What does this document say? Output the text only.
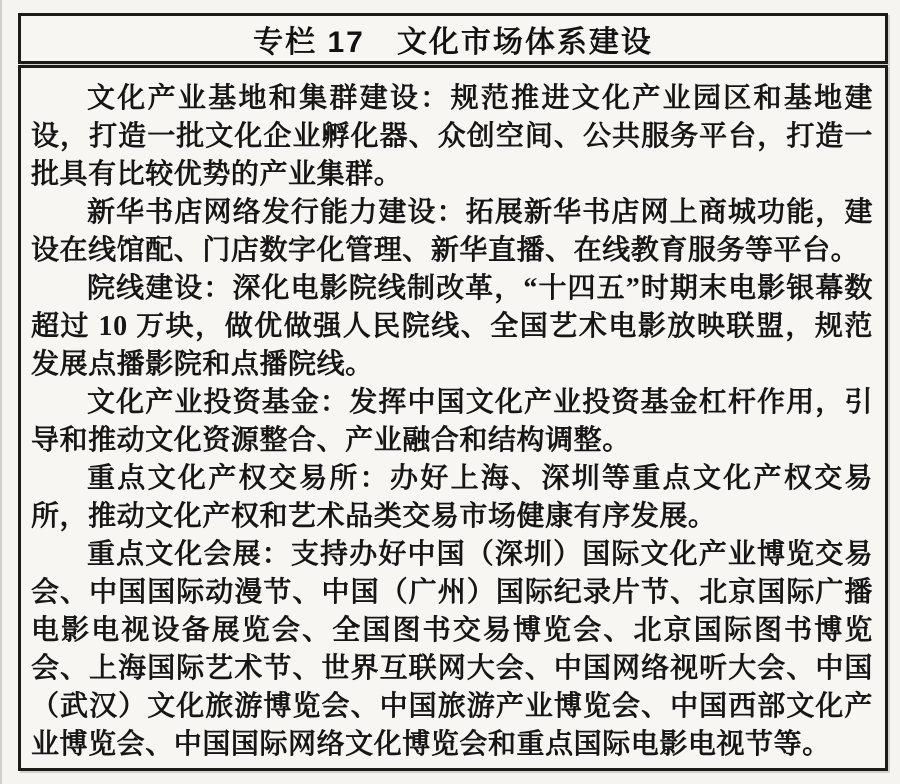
专栏 17　文化市场体系建设

文化产业基地和集群建设：规范推进文化产业园区和基地建设，打造一批文化企业孵化器、众创空间、公共服务平台，打造一批具有比较优势的产业集群。

新华书店网络发行能力建设：拓展新华书店网上商城功能，建设在线馆配、门店数字化管理、新华直播、在线教育服务等平台。

院线建设：深化电影院线制改革，“十四五”时期末电影银幕数超过 10 万块，做优做强人民院线、全国艺术电影放映联盟，规范发展点播影院和点播院线。

文化产业投资基金：发挥中国文化产业投资基金杠杆作用，引导和推动文化资源整合、产业融合和结构调整。

重点文化产权交易所：办好上海、深圳等重点文化产权交易所，推动文化产权和艺术品类交易市场健康有序发展。

重点文化会展：支持办好中国（深圳）国际文化产业博览交易会、中国国际动漫节、中国（广州）国际纪录片节、北京国际广播电影电视设备展览会、全国图书交易博览会、北京国际图书博览会、上海国际艺术节、世界互联网大会、中国网络视听大会、中国（武汉）文化旅游博览会、中国旅游产业博览会、中国西部文化产业博览会、中国国际网络文化博览会和重点国际电影电视节等。
